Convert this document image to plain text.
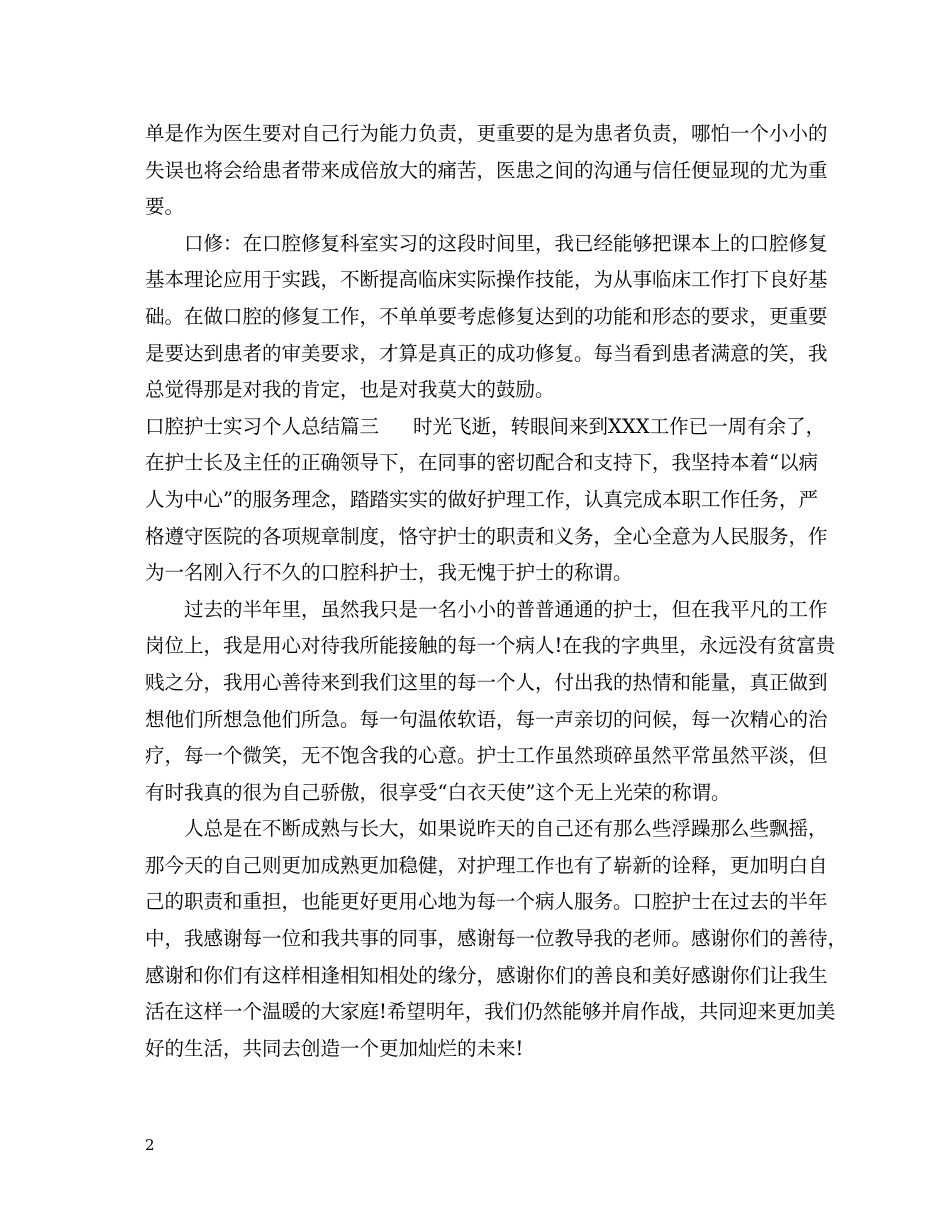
单是作为医生要对自己行为能力负责，更重要的是为患者负责，哪怕一个小小的
失误也将会给患者带来成倍放大的痛苦，医患之间的沟通与信任便显现的尤为重
要。
口修：在口腔修复科室实习的这段时间里，我已经能够把课本上的口腔修复
基本理论应用于实践，不断提高临床实际操作技能，为从事临床工作打下良好基
础。在做口腔的修复工作，不单单要考虑修复达到的功能和形态的要求，更重要
是要达到患者的审美要求，才算是真正的成功修复。每当看到患者满意的笑，我
总觉得那是对我的肯定，也是对我莫大的鼓励。
口腔护士实习个人总结篇三 时光飞逝，转眼间来到XXX工作已一周有余了，
在护士长及主任的正确领导下，在同事的密切配合和支持下，我坚持本着“以病
人为中心”的服务理念，踏踏实实的做好护理工作，认真完成本职工作任务，严
格遵守医院的各项规章制度，恪守护士的职责和义务，全心全意为人民服务，作
为一名刚入行不久的口腔科护士，我无愧于护士的称谓。
过去的半年里，虽然我只是一名小小的普普通通的护士，但在我平凡的工作
岗位上，我是用心对待我所能接触的每一个病人!在我的字典里，永远没有贫富贵
贱之分，我用心善待来到我们这里的每一个人，付出我的热情和能量，真正做到
想他们所想急他们所急。每一句温侬软语，每一声亲切的问候，每一次精心的治
疗，每一个微笑，无不饱含我的心意。护士工作虽然琐碎虽然平常虽然平淡，但
有时我真的很为自己骄傲，很享受“白衣天使”这个无上光荣的称谓。
人总是在不断成熟与长大，如果说昨天的自己还有那么些浮躁那么些飘摇，
那今天的自己则更加成熟更加稳健，对护理工作也有了崭新的诠释，更加明白自
己的职责和重担，也能更好更用心地为每一个病人服务。口腔护士在过去的半年
中，我感谢每一位和我共事的同事，感谢每一位教导我的老师。感谢你们的善待，
感谢和你们有这样相逢相知相处的缘分，感谢你们的善良和美好感谢你们让我生
活在这样一个温暖的大家庭!希望明年，我们仍然能够并肩作战，共同迎来更加美
好的生活，共同去创造一个更加灿烂的未来!
2
